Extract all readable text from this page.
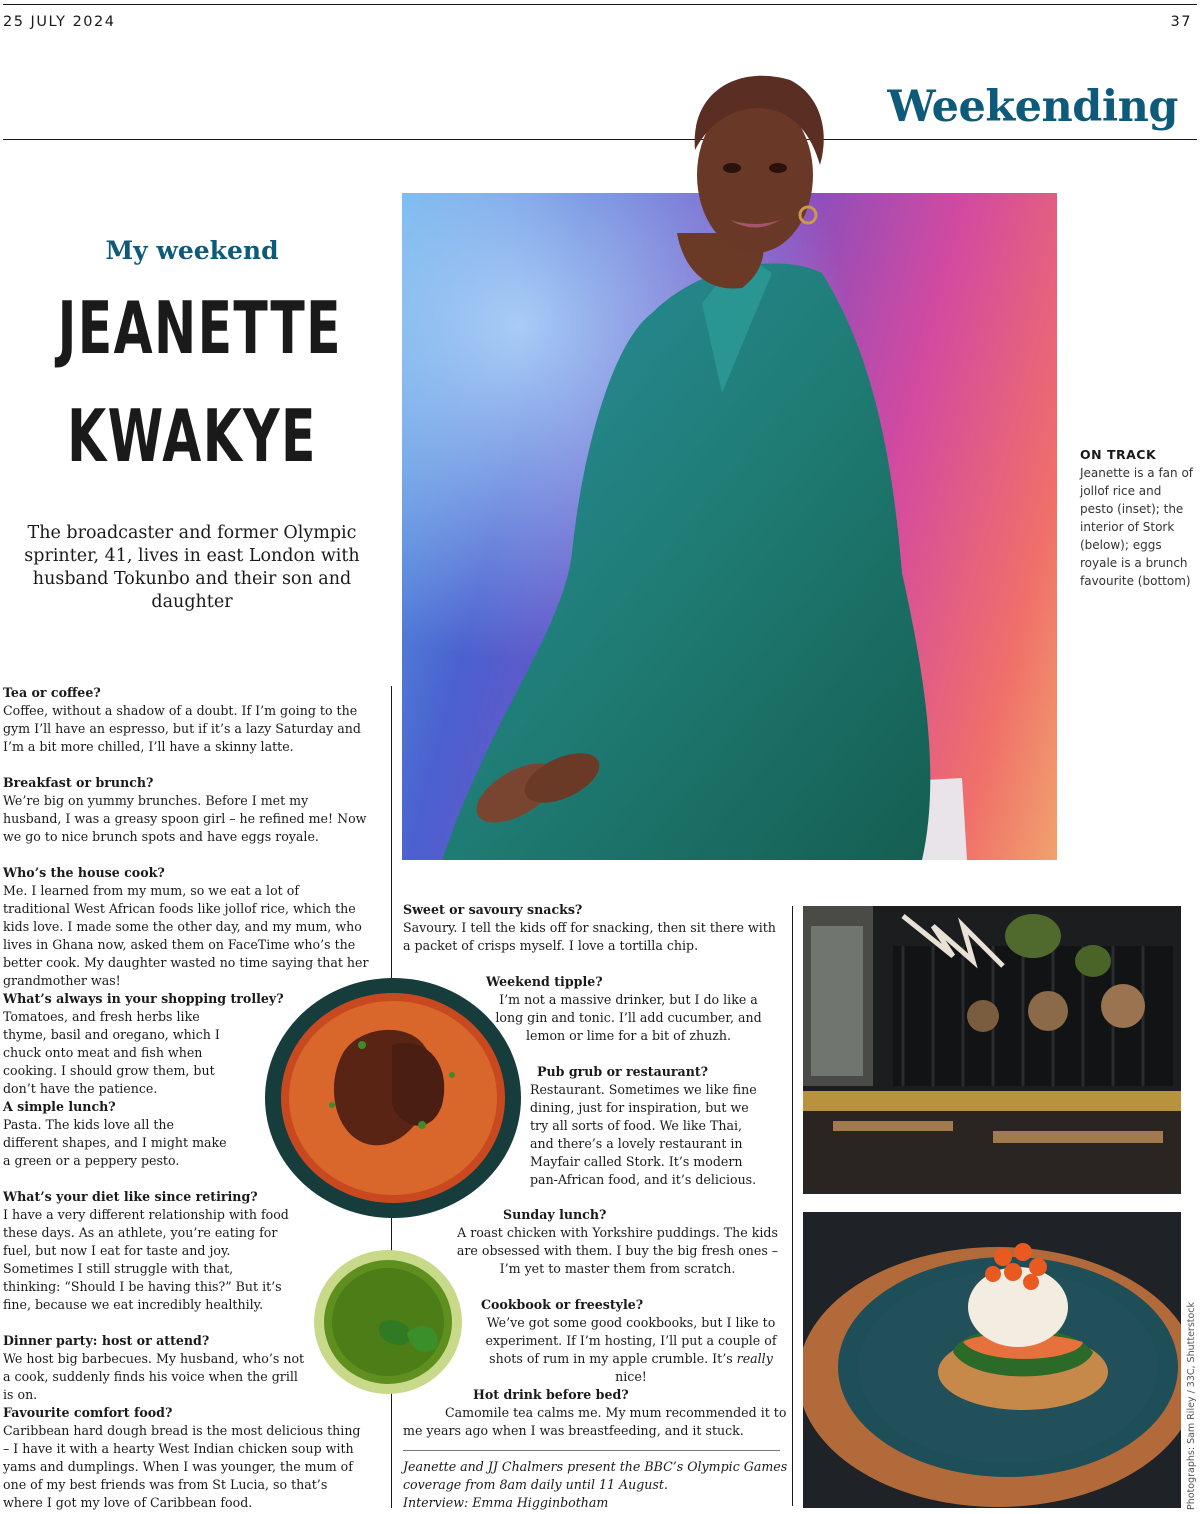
25 JULY 2024	37
Weekending
My weekend
JEANETTE
KWAKYE
The broadcaster and former Olympic sprinter, 41, lives in east London with husband Tokunbo and their son and daughter
ON TRACK
Jeanette is a fan of jollof rice and pesto (inset); the interior of Stork (below); eggs royale is a brunch favourite (bottom)

Tea or coffee?

Coffee, without a shadow of a doubt. If I’m going to the gym I’ll have an espresso, but if it’s a lazy Saturday and I’m a bit more chilled, I’ll have a skinny latte.

Breakfast or brunch?

We’re big on yummy brunches. Before I met my husband, I was a greasy spoon girl – he refined me! Now we go to nice brunch spots and have eggs royale.

Who’s the house cook?

Me. I learned from my mum, so we eat a lot of traditional West African foods like jollof rice, which the kids love. I made some the other day, and my mum, who lives in Ghana now, asked them on FaceTime who’s the better cook. My daughter wasted no time saying that her grandmother was!

What’s always in your shopping trolley?

Tomatoes, and fresh herbs like thyme, basil and oregano, which I chuck onto meat and fish when cooking. I should grow them, but don’t have the patience.

A simple lunch?

Pasta. The kids love all the different shapes, and I might make a green or a peppery pesto.

What’s your diet like since retiring?

I have a very different relationship with food these days. As an athlete, you’re eating for fuel, but now I eat for taste and joy. Sometimes I still struggle with that, thinking: “Should I be having this?” But it’s fine, because we eat incredibly healthily.

Dinner party: host or attend?

We host big barbecues. My husband, who’s not a cook, suddenly finds his voice when the grill is on.

Favourite comfort food?

Caribbean hard dough bread is the most delicious thing – I have it with a hearty West Indian chicken soup with yams and dumplings. When I was younger, the mum of one of my best friends was from St Lucia, so that’s where I got my love of Caribbean food.

Sweet or savoury snacks?

Savoury. I tell the kids off for snacking, then sit there with a packet of crisps myself. I love a tortilla chip.

Weekend tipple?

I’m not a massive drinker, but I do like a long gin and tonic. I’ll add cucumber, and lemon or lime for a bit of zhuzh.

Pub grub or restaurant?

Restaurant. Sometimes we like fine dining, just for inspiration, but we try all sorts of food. We like Thai, and there’s a lovely restaurant in Mayfair called Stork. It’s modern pan-African food, and it’s delicious.

Sunday lunch?

A roast chicken with Yorkshire puddings. The kids are obsessed with them. I buy the big fresh ones – I’m yet to master them from scratch.

Cookbook or freestyle?

We’ve got some good cookbooks, but I like to experiment. If I’m hosting, I’ll put a couple of shots of rum in my apple crumble. It’s really nice!

Hot drink before bed?

Camomile tea calms me. My mum recommended it to me years ago when I was breastfeeding, and it stuck.

Jeanette and JJ Chalmers present the BBC’s Olympic Games coverage from 8am daily until 11 August.
Interview: Emma Higginbotham	Photographs: Sam Riley / 33C, Shutterstock
